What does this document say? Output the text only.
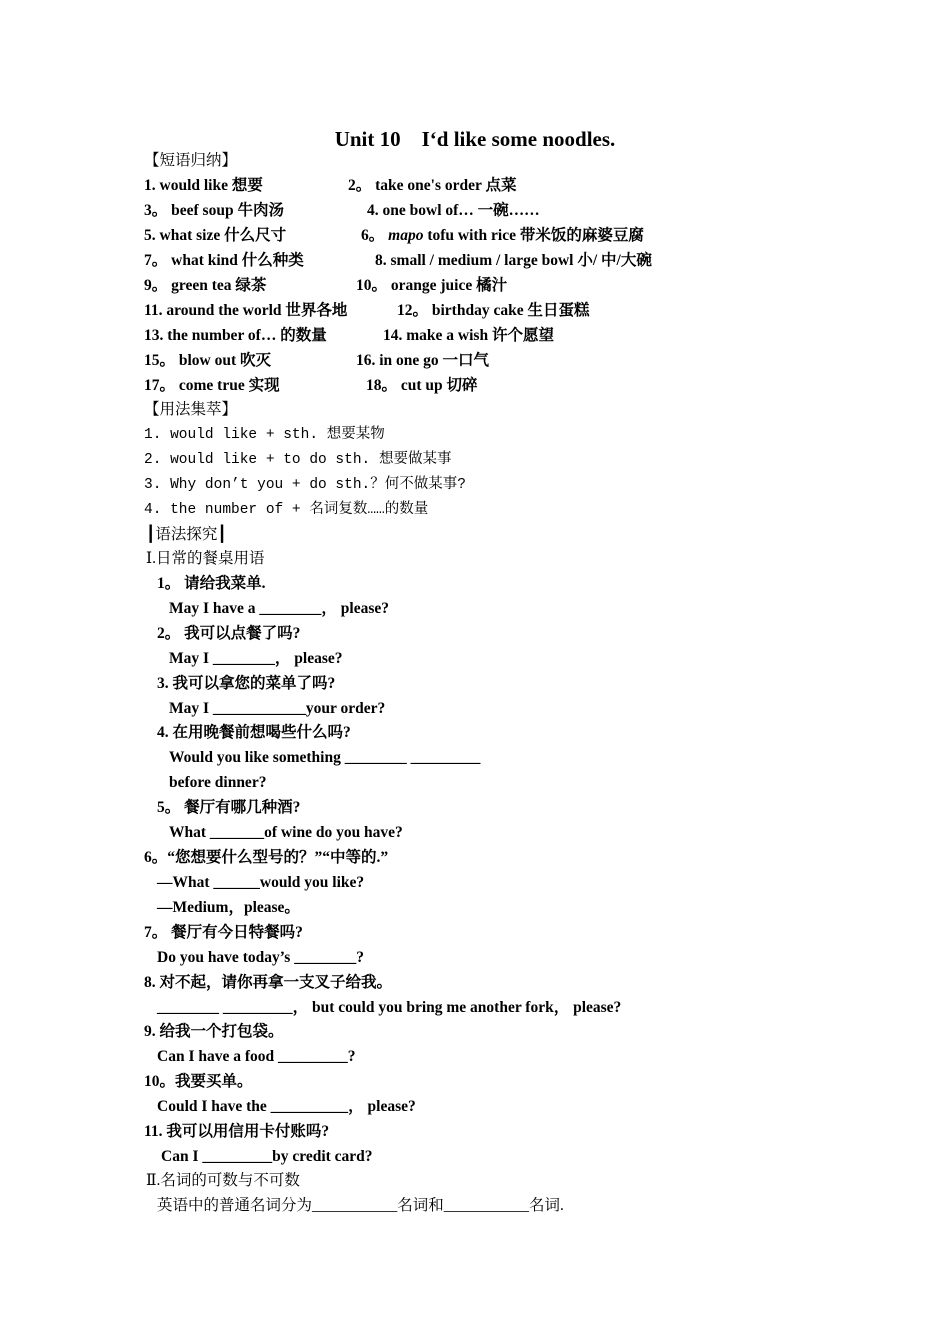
Unit 10　I‘d like some noodles.
【短语归纳】
1. would like 想要	2。 take one's order 点菜
3。 beef soup 牛肉汤	4. one bowl of… 一碗……
5. what size 什么尺寸	6。 mapo tofu with rice 带米饭的麻婆豆腐
7。 what kind 什么种类	8. small / medium / large bowl 小/ 中/大碗
9。 green tea 绿茶	10。 orange juice 橘汁
11. around the world 世界各地	12。 birthday cake 生日蛋糕
13. the number of… 的数量	14. make a wish 许个愿望
15。 blow out 吹灭	16. in one go 一口气
17。 come true 实现	18。 cut up 切碎
【用法集萃】
1. would like + sth. 想要某物
2. would like + to do sth. 想要做某事
3. Why don’t you + do sth.？何不做某事?
4. the number of + 名词复数……的数量
┃语法探究┃
Ⅰ.日常的餐桌用语
1。 请给我菜单.
May I have a ________， please?
2。 我可以点餐了吗?
May I ________， please?
3. 我可以拿您的菜单了吗?
May I ____________your order?
4. 在用晚餐前想喝些什么吗?
Would you like something ________ _________
before dinner?
5。 餐厅有哪几种酒?
What _______of wine do you have?
6。“您想要什么型号的？”“中等的.”
—What ______would you like?
—Medium，please。
7。 餐厅有今日特餐吗?
Do you have today’s ________?
8. 对不起，请你再拿一支叉子给我。
________ _________， but could you bring me another fork， please?
9. 给我一个打包袋。
Can I have a food _________?
10。我要买单。
Could I have the __________， please?
11. 我可以用信用卡付账吗?
Can I _________by credit card?
Ⅱ.名词的可数与不可数
英语中的普通名词分为___________名词和___________名词.
